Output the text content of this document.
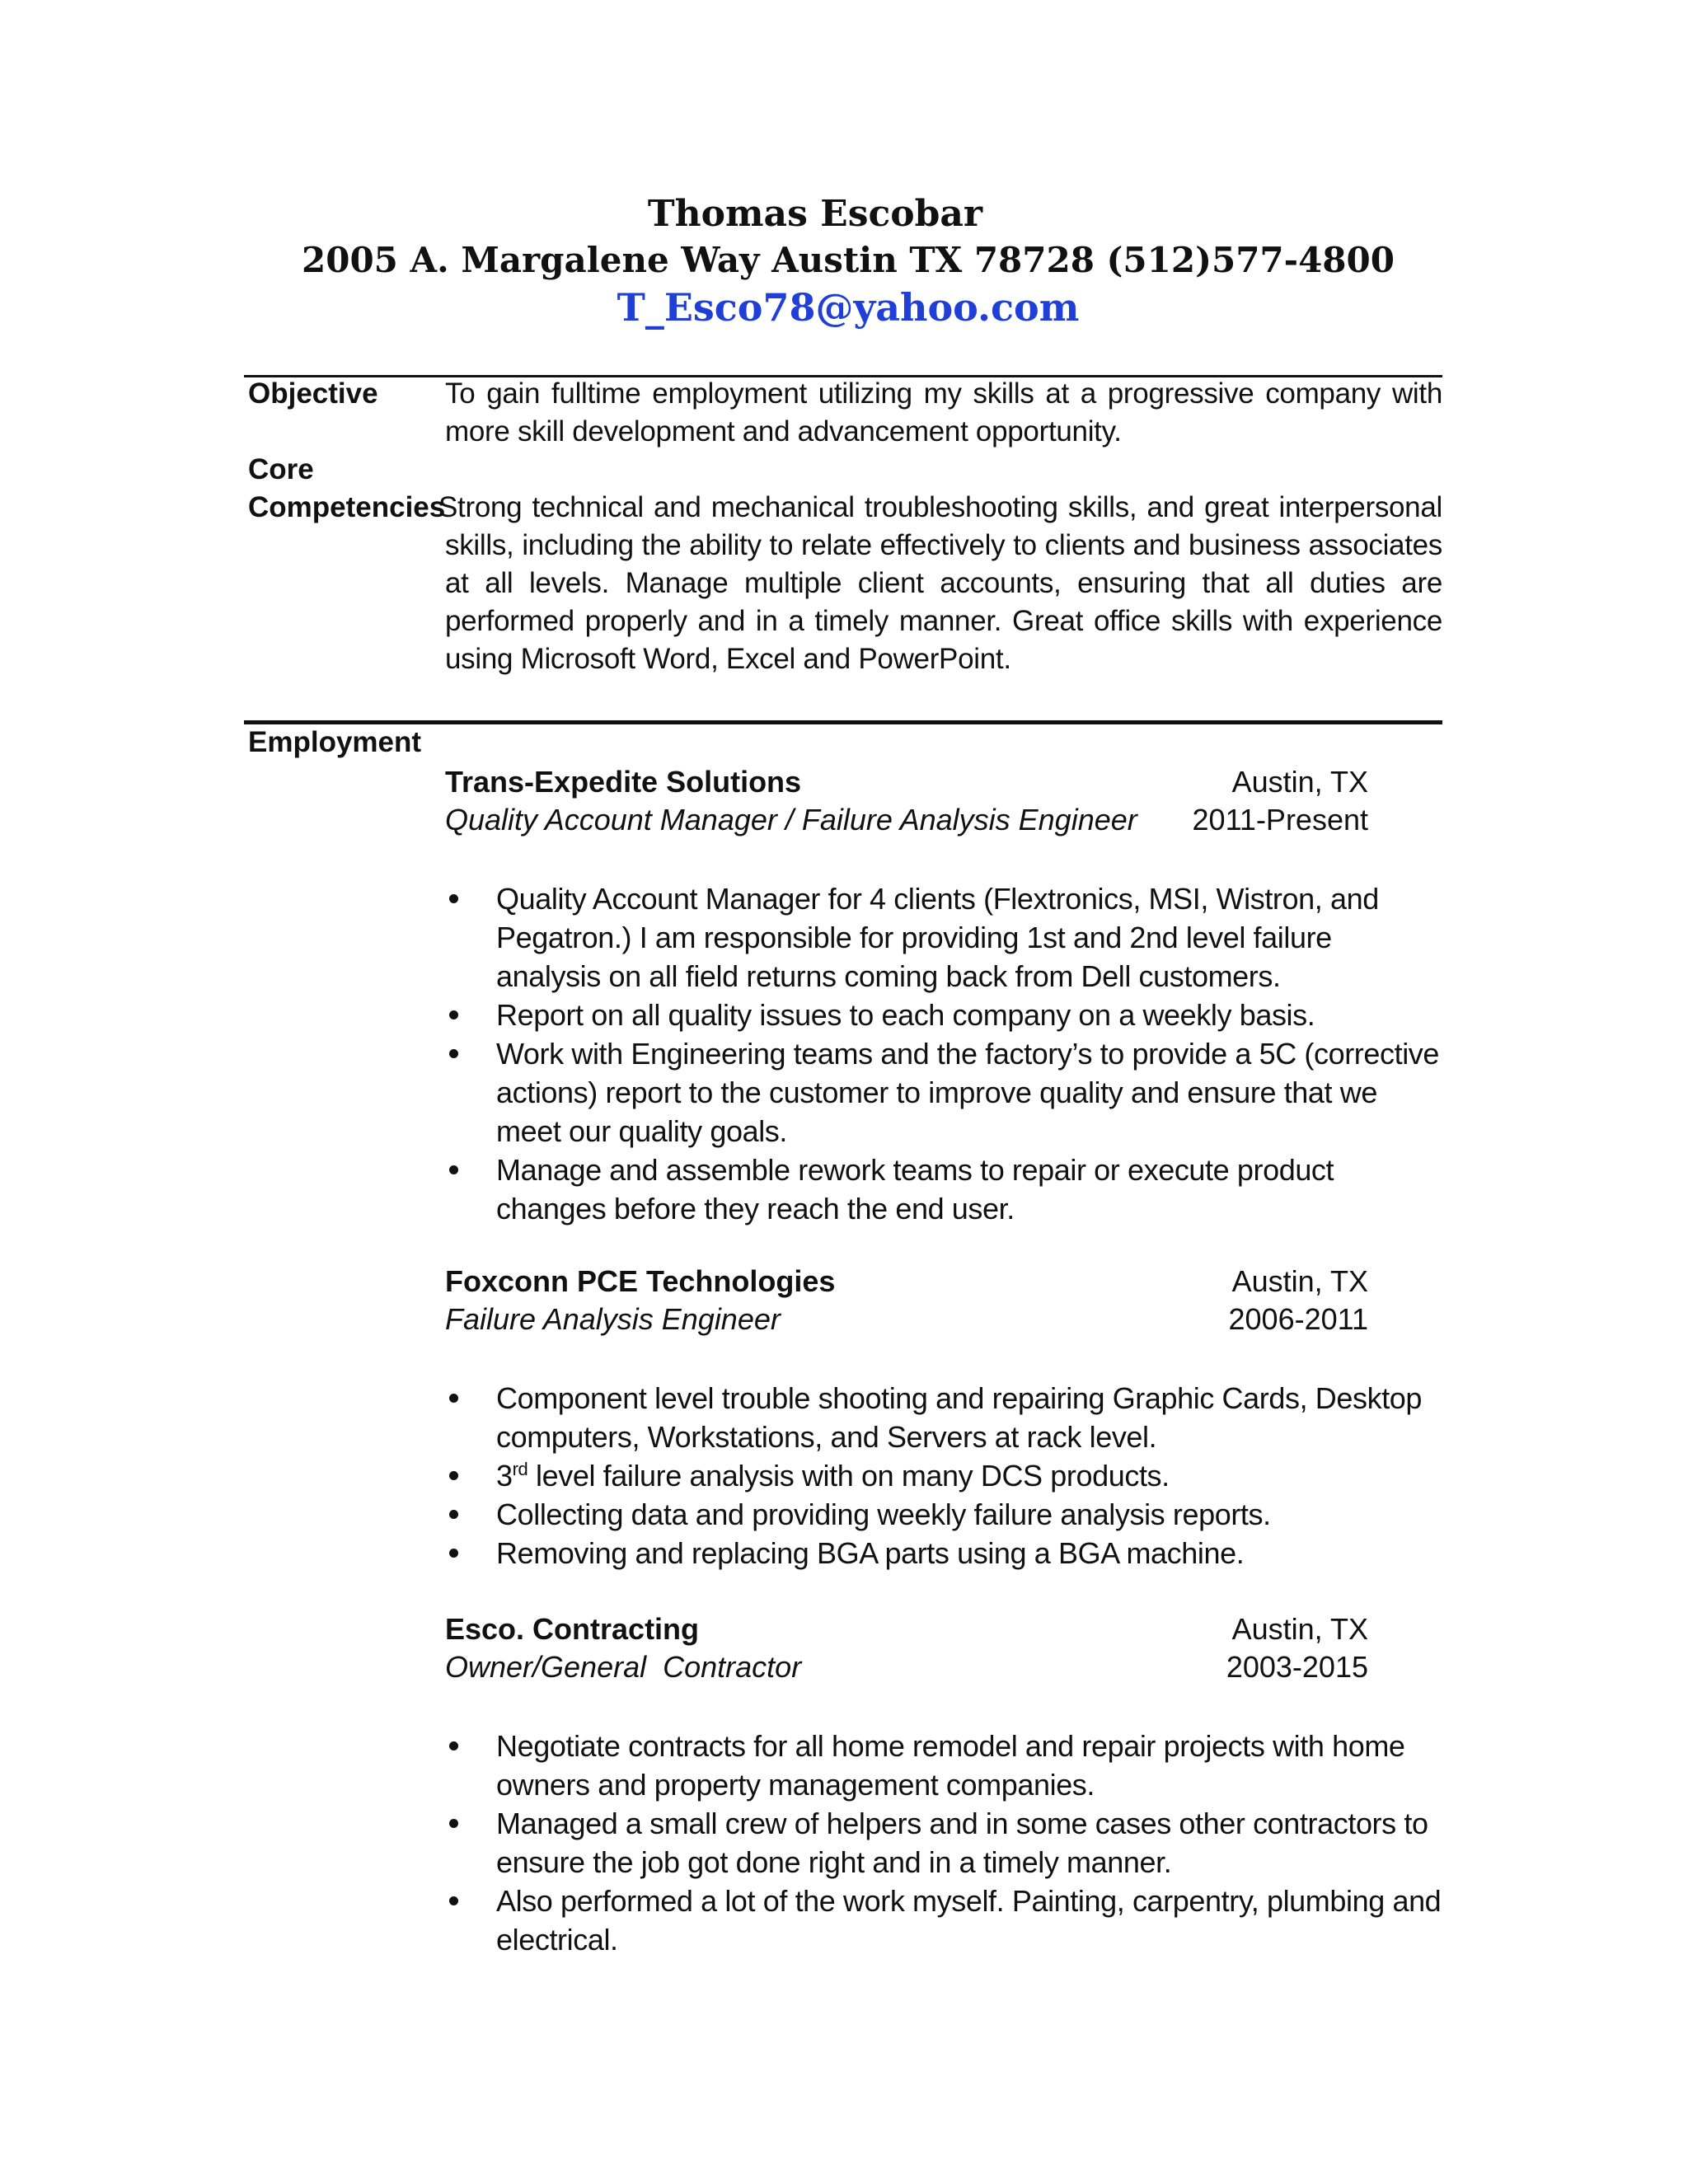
Thomas Escobar
2005 A. Margalene Way Austin TX 78728 (512)577-4800
T_Esco78@yahoo.com
Objective To gain fulltime employment utilizing my skills at a progressive company with more skill development and advancement opportunity.
Core
Competencies
Strong technical and mechanical troubleshooting skills, and great interpersonal skills, including the ability to relate effectively to clients and business associates at all levels. Manage multiple client accounts, ensuring that all duties are performed properly and in a timely manner. Great office skills with experience using Microsoft Word, Excel and PowerPoint.
Employment
Trans-Expedite Solutions	Austin, TX
Quality Account Manager / Failure Analysis Engineer 2011-Present
Quality Account Manager for 4 clients (Flextronics, MSI, Wistron, and Pegatron.) I am responsible for providing 1st and 2nd level failure analysis on all field returns coming back from Dell customers.
Report on all quality issues to each company on a weekly basis.
Work with Engineering teams and the factory’s to provide a 5C (corrective actions) report to the customer to improve quality and ensure that we meet our quality goals.
Manage and assemble rework teams to repair or execute product changes before they reach the end user.
Foxconn PCE Technologies	Austin, TX
Failure Analysis Engineer	2006-2011
Component level trouble shooting and repairing Graphic Cards, Desktop computers, Workstations, and Servers at rack level.
3rd level failure analysis with on many DCS products.
Collecting data and providing weekly failure analysis reports.
Removing and replacing BGA parts using a BGA machine.
Esco. Contracting	Austin, TX
Owner/General  Contractor	2003-2015
Negotiate contracts for all home remodel and repair projects with home owners and property management companies.
Managed a small crew of helpers and in some cases other contractors to ensure the job got done right and in a timely manner.
Also performed a lot of the work myself. Painting, carpentry, plumbing and electrical.
